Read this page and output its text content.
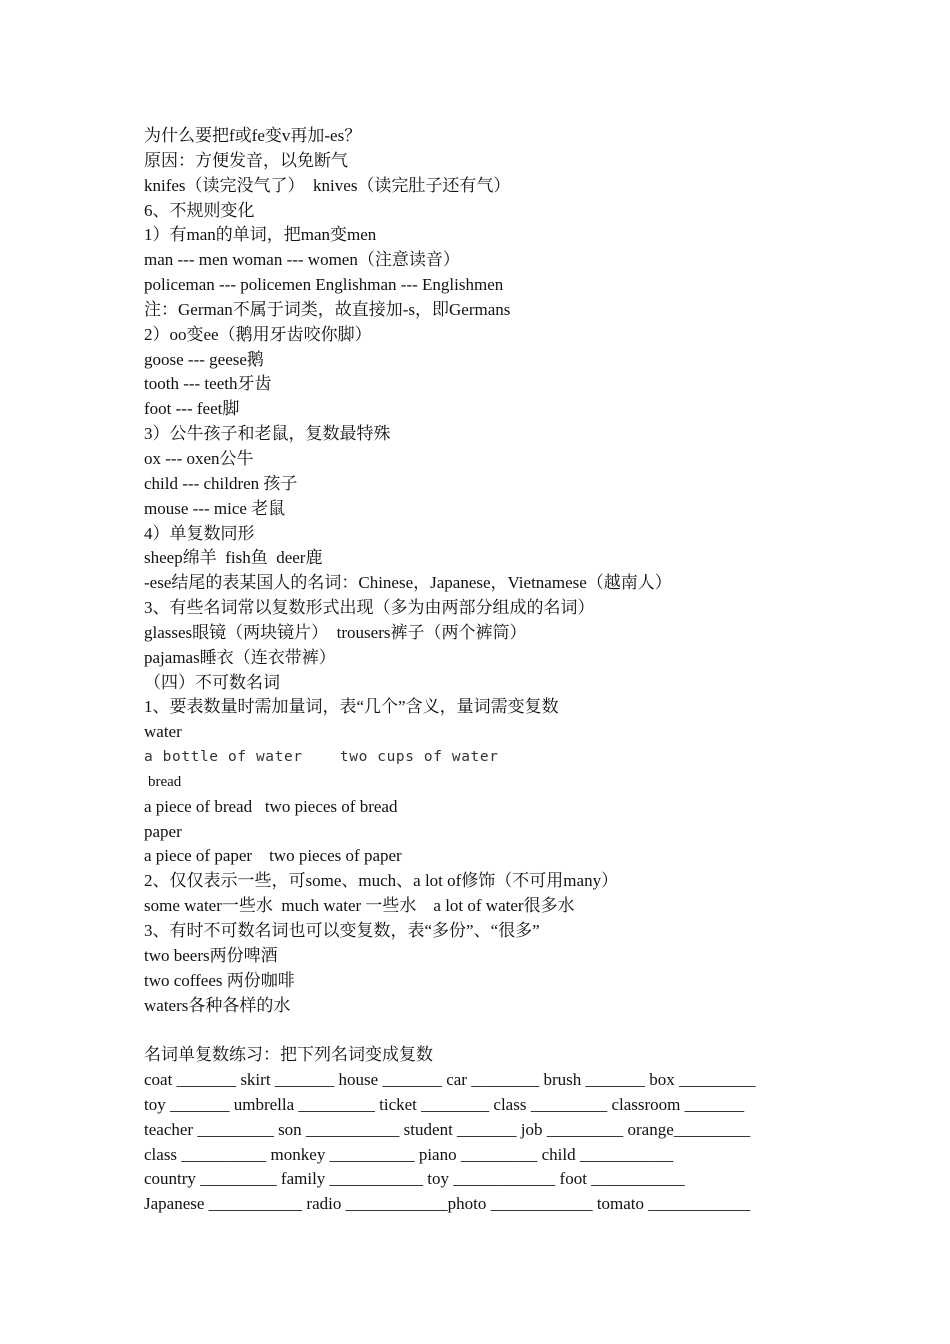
为什么要把f或fe变v再加-es？
原因：方便发音，以免断气
knifes（读完没气了）  knives（读完肚子还有气）
6、不规则变化
1）有man的单词，把man变men
man --- men woman --- women（注意读音）
policeman --- policemen Englishman --- Englishmen
注：German不属于词类，故直接加-s，即Germans
2）oo变ee（鹅用牙齿咬你脚）
goose --- geese鹅
tooth --- teeth牙齿
foot --- feet脚
3）公牛孩子和老鼠，复数最特殊
ox --- oxen公牛
child --- children 孩子
mouse --- mice 老鼠
4）单复数同形
sheep绵羊  fish鱼  deer鹿
-ese结尾的表某国人的名词：Chinese，Japanese，Vietnamese（越南人）
3、有些名词常以复数形式出现（多为由两部分组成的名词）
glasses眼镜（两块镜片）  trousers裤子（两个裤筒）
pajamas睡衣（连衣带裤）
（四）不可数名词
1、要表数量时需加量词，表“几个”含义，量词需变复数
water
a bottle of water    two cups of water
bread
a piece of bread   two pieces of bread
paper
a piece of paper    two pieces of paper
2、仅仅表示一些，可some、much、a lot of修饰（不可用many）
some water一些水  much water 一些水    a lot of water很多水
3、有时不可数名词也可以变复数，表“多份”、“很多”
two beers两份啤酒
two coffees 两份咖啡
waters各种各样的水
名词单复数练习：把下列名词变成复数
coat _______ skirt _______ house _______ car ________ brush _______ box _________
toy _______ umbrella _________ ticket ________ class _________ classroom _______
teacher _________ son ___________ student _______ job _________ orange_________
class __________ monkey __________ piano _________ child ___________
country _________ family ___________ toy ____________ foot ___________
Japanese ___________ radio ____________photo ____________ tomato ____________
